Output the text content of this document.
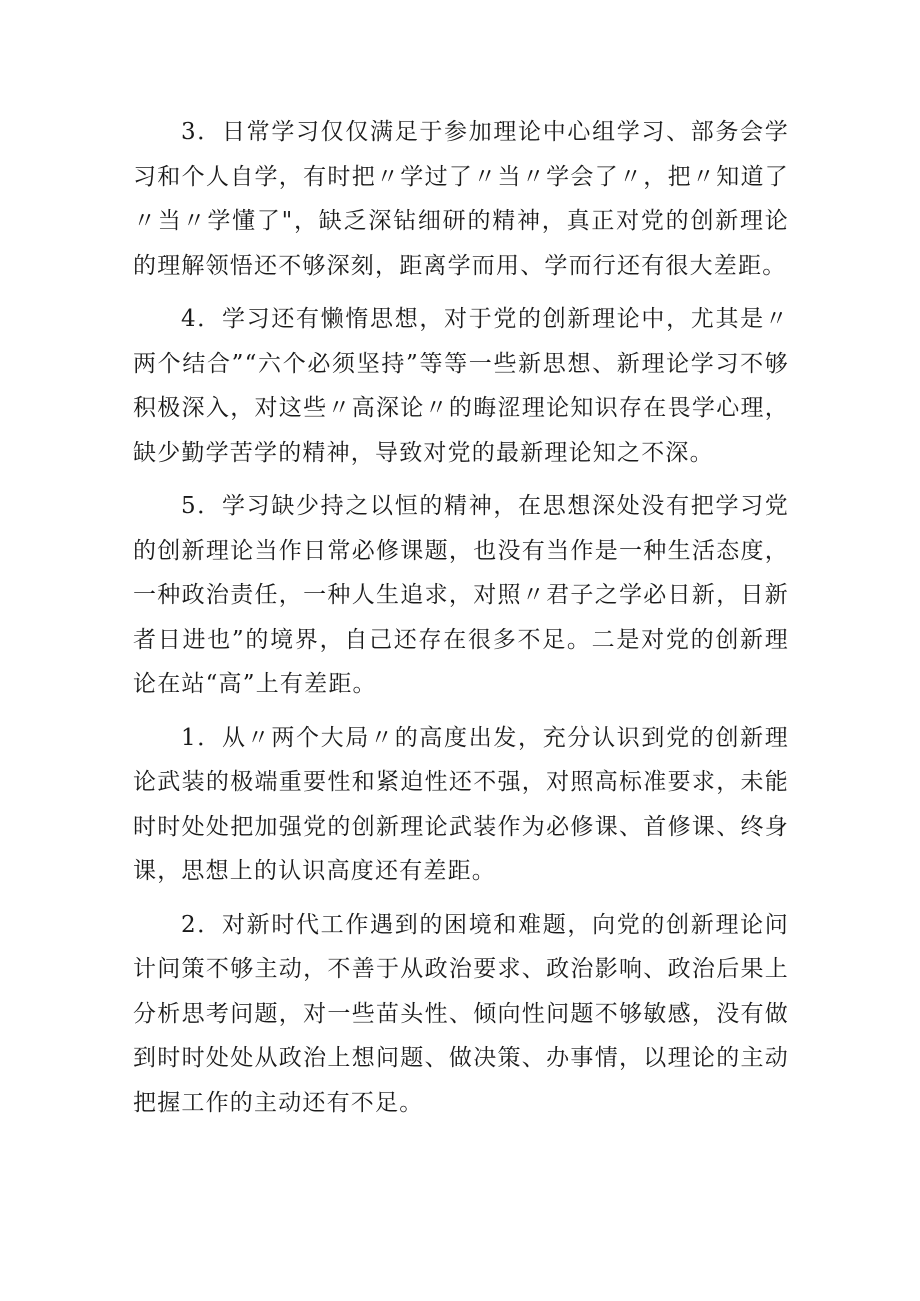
3．日常学习仅仅满足于参加理论中心组学习、部务会学习和个人自学，有时把〃学过了〃当〃学会了〃，把〃知道了〃当〃学懂了"，缺乏深钻细研的精神，真正对党的创新理论的理解领悟还不够深刻，距离学而用、学而行还有很大差距。

4．学习还有懒惰思想，对于党的创新理论中，尤其是〃两个结合”“六个必须坚持”等等一些新思想、新理论学习不够积极深入，对这些〃高深论〃的晦涩理论知识存在畏学心理，缺少勤学苦学的精神，导致对党的最新理论知之不深。

5．学习缺少持之以恒的精神，在思想深处没有把学习党的创新理论当作日常必修课题，也没有当作是一种生活态度，一种政治责任，一种人生追求，对照〃君子之学必日新，日新者日进也”的境界，自己还存在很多不足。二是对党的创新理论在站“高”上有差距。

1．从〃两个大局〃的高度出发，充分认识到党的创新理论武装的极端重要性和紧迫性还不强，对照高标准要求，未能时时处处把加强党的创新理论武装作为必修课、首修课、终身课，思想上的认识高度还有差距。

2．对新时代工作遇到的困境和难题，向党的创新理论问计问策不够主动，不善于从政治要求、政治影响、政治后果上分析思考问题，对一些苗头性、倾向性问题不够敏感，没有做到时时处处从政治上想问题、做决策、办事情，以理论的主动把握工作的主动还有不足。
